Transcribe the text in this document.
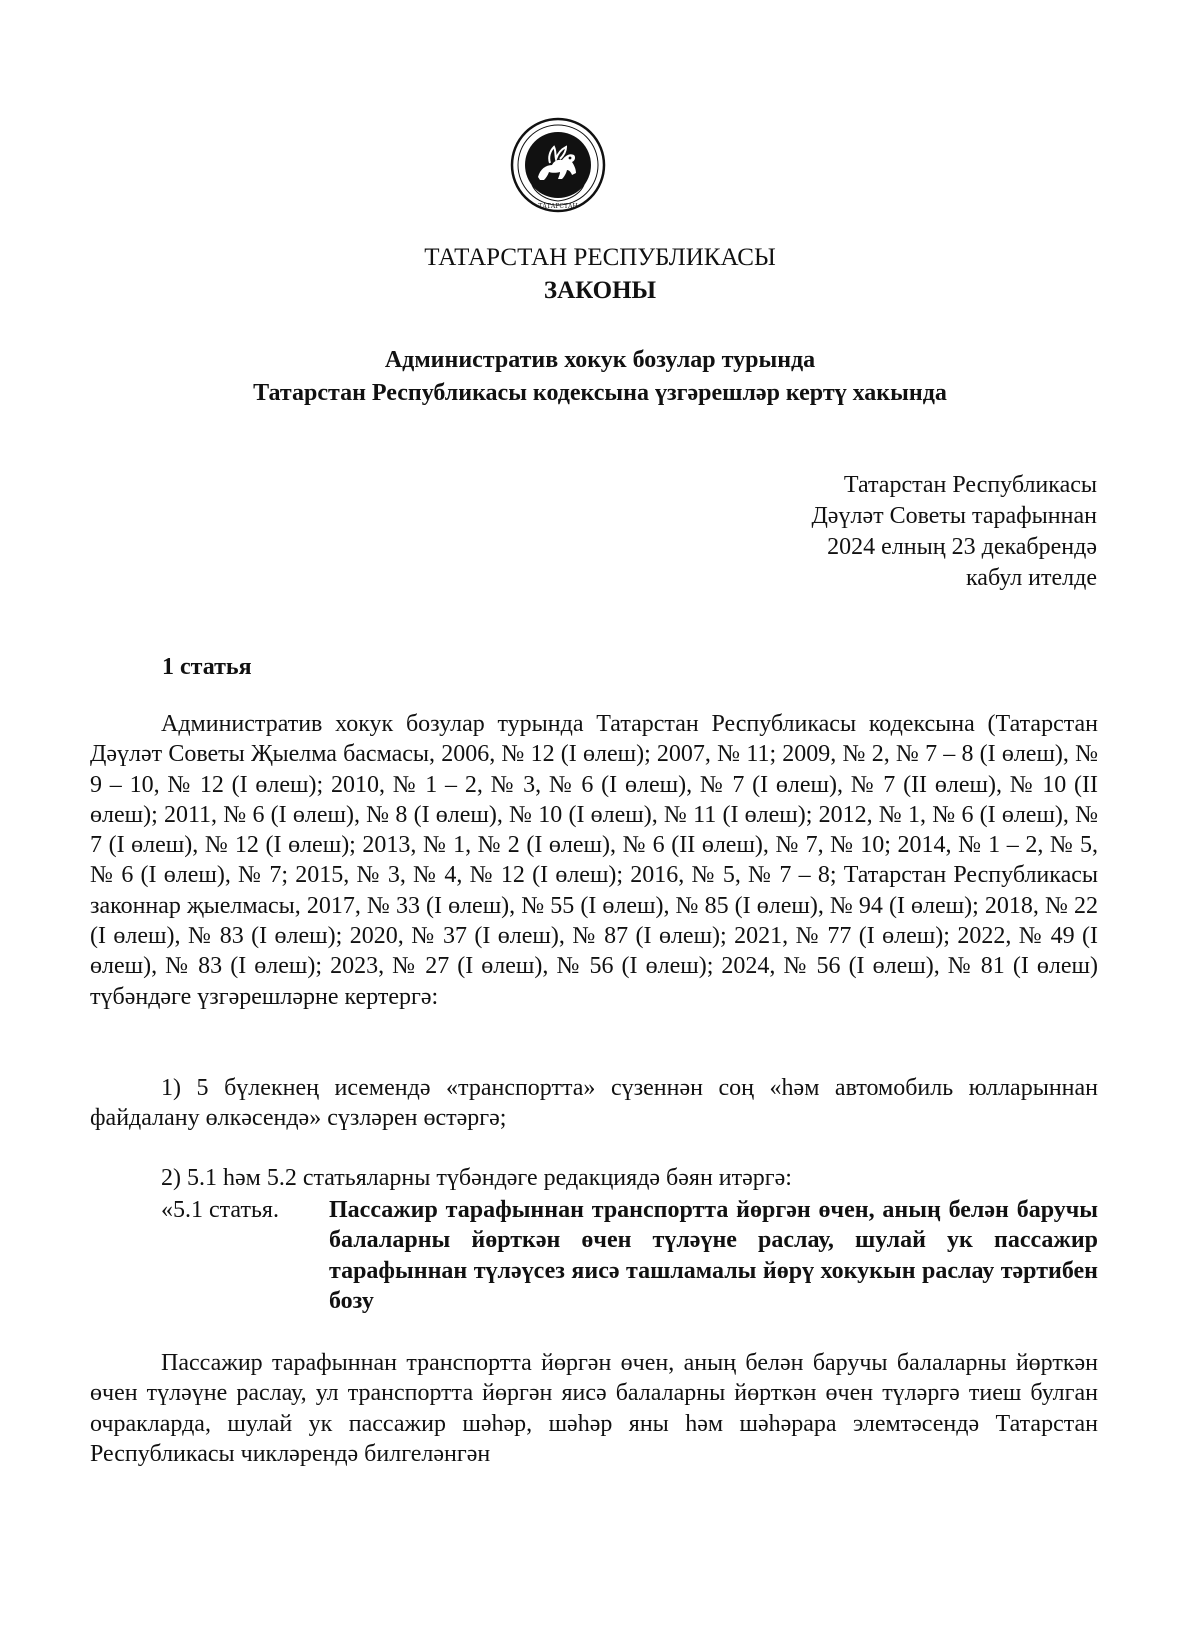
ТАТАРСТАН
ТАТАРСТАН РЕСПУБЛИКАСЫ
ЗАКОНЫ
Административ хокук бозулар турында
Татарстан Республикасы кодексына үзгәрешләр кертү хакында
Татарстан Республикасы
Дәүләт Советы тарафыннан
2024 елның 23 декабрендә
кабул ителде
1 статья

Административ хокук бозулар турында Татарстан Республикасы кодексына (Татарстан Дәүләт Советы Җыелма басмасы, 2006, № 12 (I өлеш); 2007, № 11; 2009, № 2, № 7 – 8 (I өлеш), № 9 – 10, № 12 (I өлеш); 2010, № 1 – 2, № 3, № 6 (I өлеш), № 7 (I өлеш), № 7 (II өлеш), № 10 (II өлеш); 2011, № 6 (I өлеш), № 8 (I өлеш), № 10 (I өлеш), № 11 (I өлеш); 2012, № 1, № 6 (I өлеш), № 7 (I өлеш), № 12 (I өлеш); 2013, № 1, № 2 (I өлеш), № 6 (II өлеш), № 7, № 10; 2014, № 1 – 2, № 5, № 6 (I өлеш), № 7; 2015, № 3, № 4, № 12 (I өлеш); 2016, № 5, № 7 – 8; Татарстан Республикасы законнар җыелмасы, 2017, № 33 (I өлеш), № 55 (I өлеш), № 85 (I өлеш), № 94 (I өлеш); 2018, № 22 (I өлеш), № 83 (I өлеш); 2020, № 37 (I өлеш), № 87 (I өлеш); 2021, № 77 (I өлеш); 2022, № 49 (I өлеш), № 83 (I өлеш); 2023, № 27 (I өлеш), № 56 (I өлеш); 2024, № 56 (I өлеш), № 81 (I өлеш) түбәндәге үзгәрешләрне кертергә:

1) 5 бүлекнең исемендә «транспортта» сүзеннән соң «һәм автомобиль юлларыннан файдалану өлкәсендә» сүзләрен өстәргә;

2) 5.1 һәм 5.2 статьяларны түбәндәге редакциядә бәян итәргә:

«5.1 статья. Пассажир тарафыннан транспортта йөргән өчен, аның белән баручы балаларны йөрткән өчен түләүне раслау, шулай ук пассажир тарафыннан түләүсез яисә ташламалы йөрү хокукын раслау тәртибен бозу

Пассажир тарафыннан транспортта йөргән өчен, аның белән баручы балаларны йөрткән өчен түләүне раслау, ул транспортта йөргән яисә балаларны йөрткән өчен түләргә тиеш булган очракларда, шулай ук пассажир шәһәр, шәһәр яны һәм шәһәрара элемтәсендә Татарстан Республикасы чикләрендә билгеләнгән
